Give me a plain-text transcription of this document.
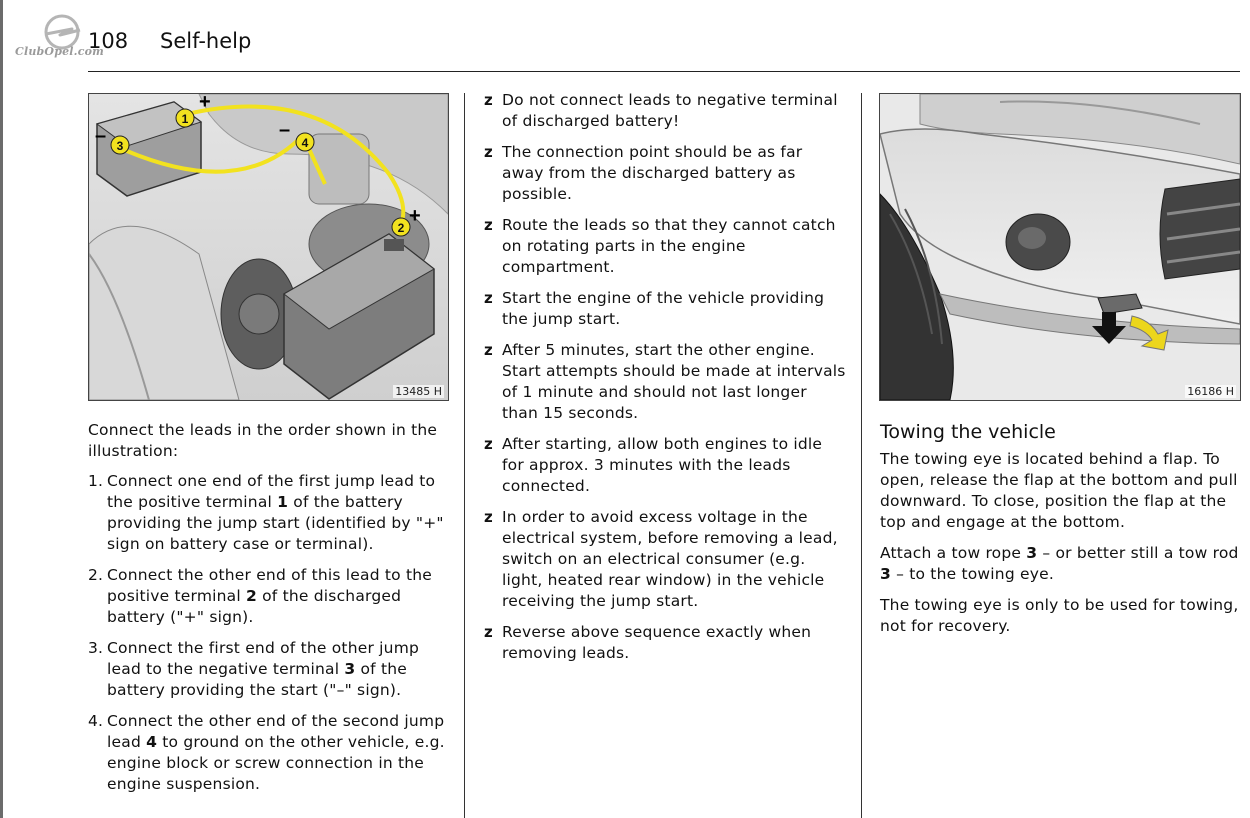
ClubOpel.com
108 Self-help
1
2
3	4
+
+
–	–
13485 H

Connect the leads in the order shown in the illustration:

1. Connect one end of the first jump lead to the positive terminal 1 of the battery providing the jump start (identified by "+" sign on battery case or terminal).
2. Connect the other end of this lead to the positive terminal 2 of the discharged battery ("+" sign).
3. Connect the first end of the other jump lead to the negative terminal 3 of the battery providing the start ("–" sign).
4. Connect the other end of the second jump lead 4 to ground on the other vehicle, e.g. engine block or screw connection in the engine suspension.
z Do not connect leads to negative terminal of discharged battery!
z The connection point should be as far away from the discharged battery as possible.
z Route the leads so that they cannot catch on rotating parts in the engine compartment.
z Start the engine of the vehicle providing the jump start.
z After 5 minutes, start the other engine. Start attempts should be made at intervals of 1 minute and should not last longer than 15 seconds.
z After starting, allow both engines to idle for approx. 3 minutes with the leads connected.
z In order to avoid excess voltage in the electrical system, before removing a lead, switch on an electrical consumer (e.g. light, heated rear window) in the vehicle receiving the jump start.
z Reverse above sequence exactly when removing leads.
16186 H
Towing the vehicle

The towing eye is located behind a flap. To open, release the flap at the bottom and pull downward. To close, position the flap at the top and engage at the bottom.

Attach a tow rope 3 – or better still a tow rod 3 – to the towing eye.

The towing eye is only to be used for towing, not for recovery.
